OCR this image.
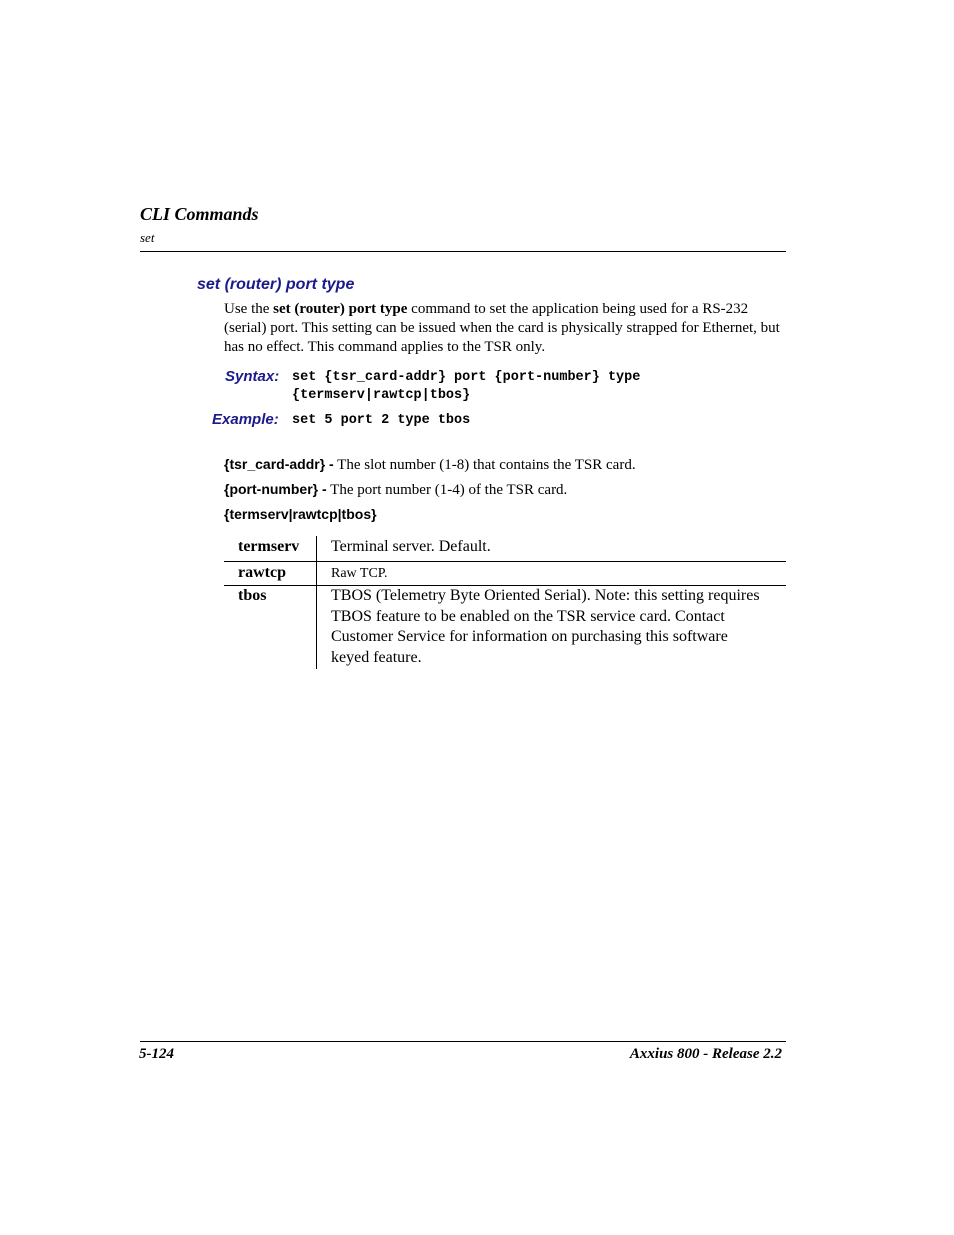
CLI Commands
set
set (router) port type
Use the set (router) port type command to set the application being used for a RS-232 (serial) port. This setting can be issued when the card is physically strapped for Ethernet, but has no effect. This command applies to the TSR only.
Syntax: set {tsr_card-addr} port {port-number} type
{termserv|rawtcp|tbos}
Example: set 5 port 2 type tbos
{tsr_card-addr} - The slot number (1-8) that contains the TSR card.
{port-number} - The port number (1-4) of the TSR card.
{termserv|rawtcp|tbos}
termserv	Terminal server. Default.
rawtcp	Raw TCP.
tbos	TBOS (Telemetry Byte Oriented Serial). Note: this setting requires TBOS feature to be enabled on the TSR service card. Contact Customer Service for information on purchasing this software keyed feature.
5-124	Axxius 800 - Release 2.2
